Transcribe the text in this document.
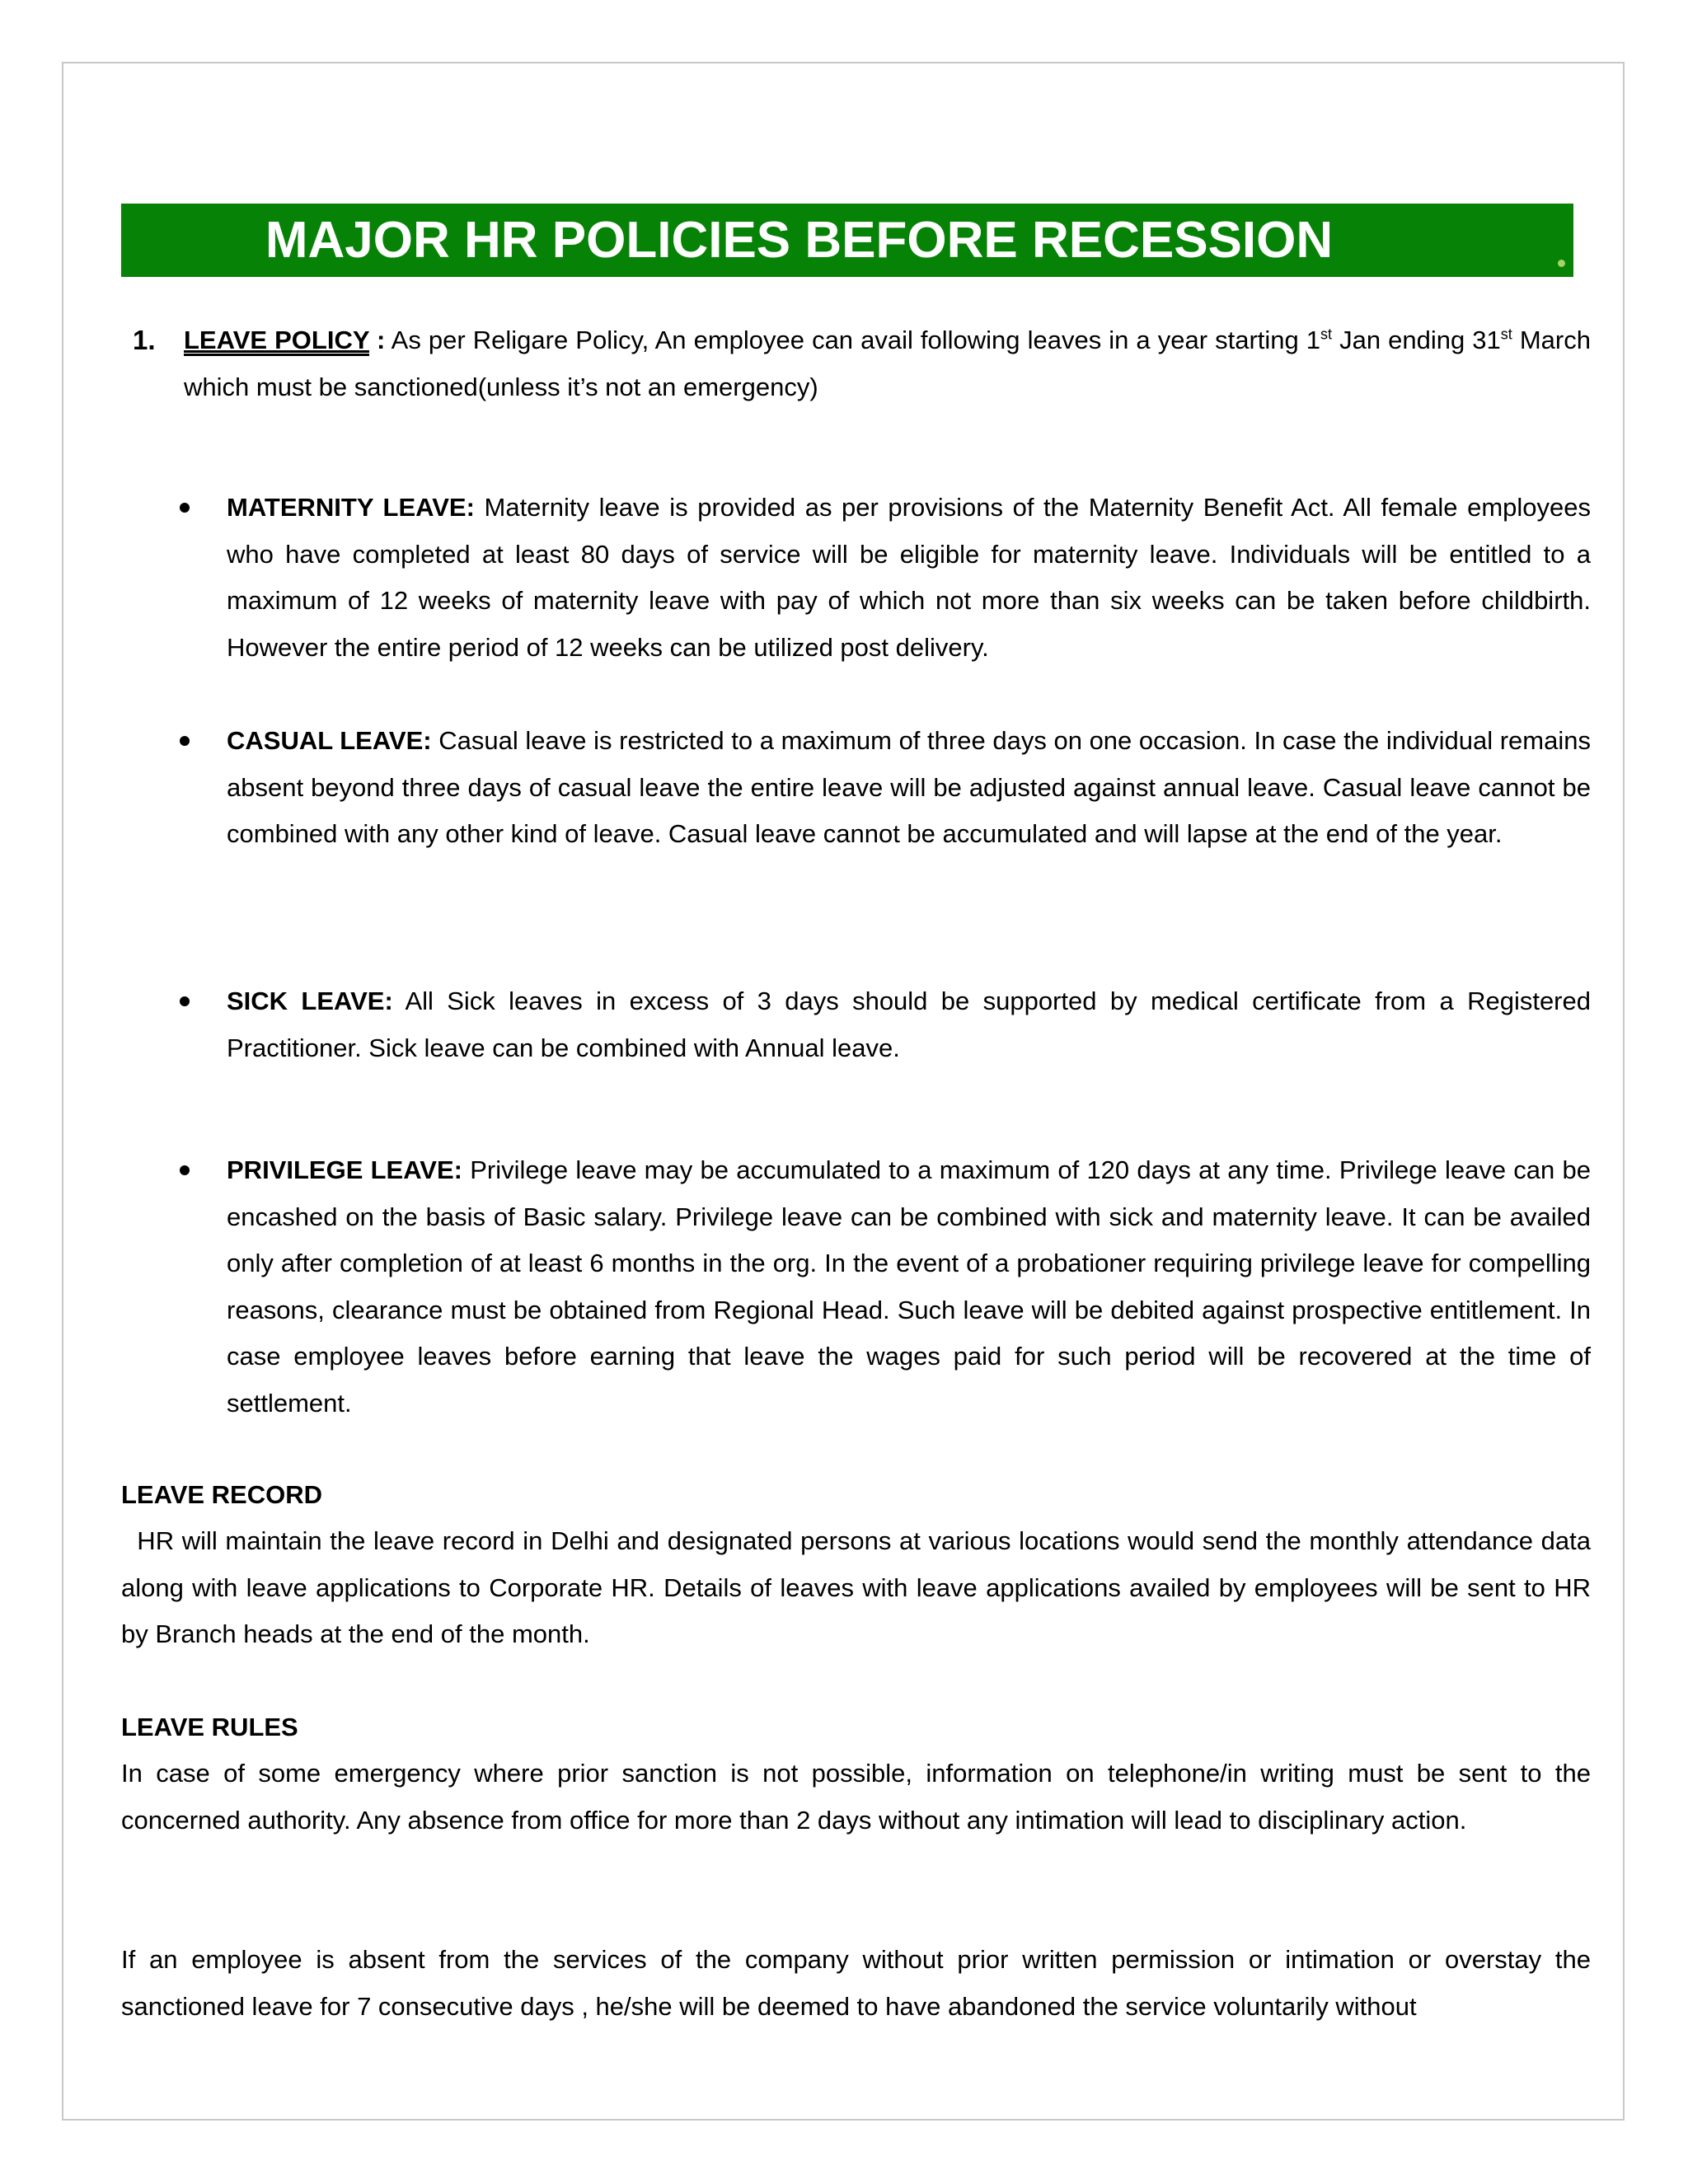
MAJOR HR POLICIES BEFORE RECESSION
1. LEAVE POLICY : As per Religare Policy, An employee can avail following leaves in a year starting 1st Jan ending 31st March which must be sanctioned(unless it’s not an emergency)

MATERNITY LEAVE: Maternity leave is provided as per provisions of the Maternity Benefit Act. All female employees who have completed at least 80 days of service will be eligible for maternity leave. Individuals will be entitled to a maximum of 12 weeks of maternity leave with pay of which not more than six weeks can be taken before childbirth. However the entire period of 12 weeks can be utilized post delivery.

CASUAL LEAVE: Casual leave is restricted to a maximum of three days on one occasion. In case the individual remains absent beyond three days of casual leave the entire leave will be adjusted against annual leave. Casual leave cannot be combined with any other kind of leave. Casual leave cannot be accumulated and will lapse at the end of the year.

SICK LEAVE: All Sick leaves in excess of 3 days should be supported by medical certificate from a Registered Practitioner. Sick leave can be combined with Annual leave.

PRIVILEGE LEAVE: Privilege leave may be accumulated to a maximum of 120 days at any time. Privilege leave can be encashed on the basis of Basic salary. Privilege leave can be combined with sick and maternity leave. It can be availed only after completion of at least 6 months in the org. In the event of a probationer requiring privilege leave for compelling reasons, clearance must be obtained from Regional Head. Such leave will be debited against prospective entitlement. In case employee leaves before earning that leave the wages paid for such period will be recovered at the time of settlement.

LEAVE RECORD
HR will maintain the leave record in Delhi and designated persons at various locations would send the monthly attendance data along with leave applications to Corporate HR. Details of leaves with leave applications availed by employees will be sent to HR by Branch heads at the end of the month.
LEAVE RULES
In case of some emergency where prior sanction is not possible, information on telephone/in writing must be sent to the concerned authority. Any absence from office for more than 2 days without any intimation will lead to disciplinary action.
If an employee is absent from the services of the company without prior written permission or intimation or overstay the sanctioned leave for 7 consecutive days , he/she will be deemed to have abandoned the service voluntarily without
